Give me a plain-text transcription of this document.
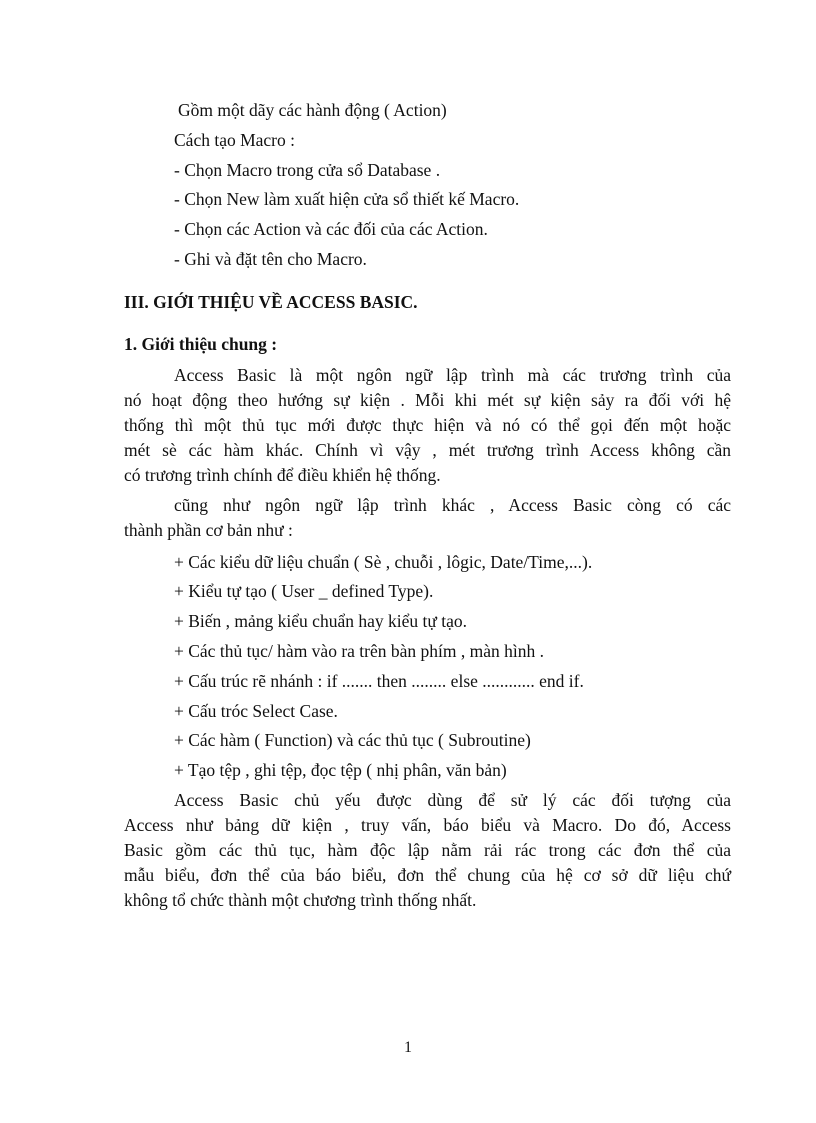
Gồm một dãy các hành động ( Action)
Cách tạo Macro :
- Chọn Macro trong cửa sổ Database .
- Chọn New làm xuất hiện cửa sổ thiết kế Macro.
- Chọn các Action và các đối của các Action.
- Ghi và đặt tên cho Macro.
III. GIỚI THIỆU VỀ ACCESS BASIC.
1. Giới thiệu chung :
Access Basic là một ngôn ngữ lập trình mà các trương trình của
nó hoạt động theo hướng sự kiện . Mỗi khi mét sự kiện sảy ra đối với hệ
thống thì một thủ tục mới được thực hiện và nó có thể gọi đến một hoặc
mét sè các hàm khác. Chính vì vậy , mét trương trình Access không cần
có trương trình chính để điều khiển hệ thống.
cũng như ngôn ngữ lập trình khác , Access Basic còng có các
thành phần cơ bản như :
+ Các kiểu dữ liệu chuẩn ( Sè , chuỗi , lôgic, Date/Time,...).
+ Kiểu tự tạo ( User _ defined Type).
+ Biến , mảng kiểu chuẩn hay kiểu tự tạo.
+ Các thủ tục/ hàm vào ra trên bàn phím , màn hình .
+ Cấu trúc rẽ nhánh : if ....... then ........ else ............ end if.
+ Cấu tróc Select Case.
+ Các hàm ( Function) và các thủ tục ( Subroutine)
+ Tạo tệp , ghi tệp, đọc tệp ( nhị phân, văn bản)
Access Basic chủ yếu được dùng để sử lý các đối tượng của
Access như bảng dữ kiện , truy vấn, báo biểu và Macro. Do đó, Access
Basic gồm các thủ tục, hàm độc lập nằm rải rác trong các đơn thể của
mẫu biểu, đơn thể của báo biểu, đơn thể chung của hệ cơ sở dữ liệu chứ
không tổ chức thành một chương trình thống nhất.
1
